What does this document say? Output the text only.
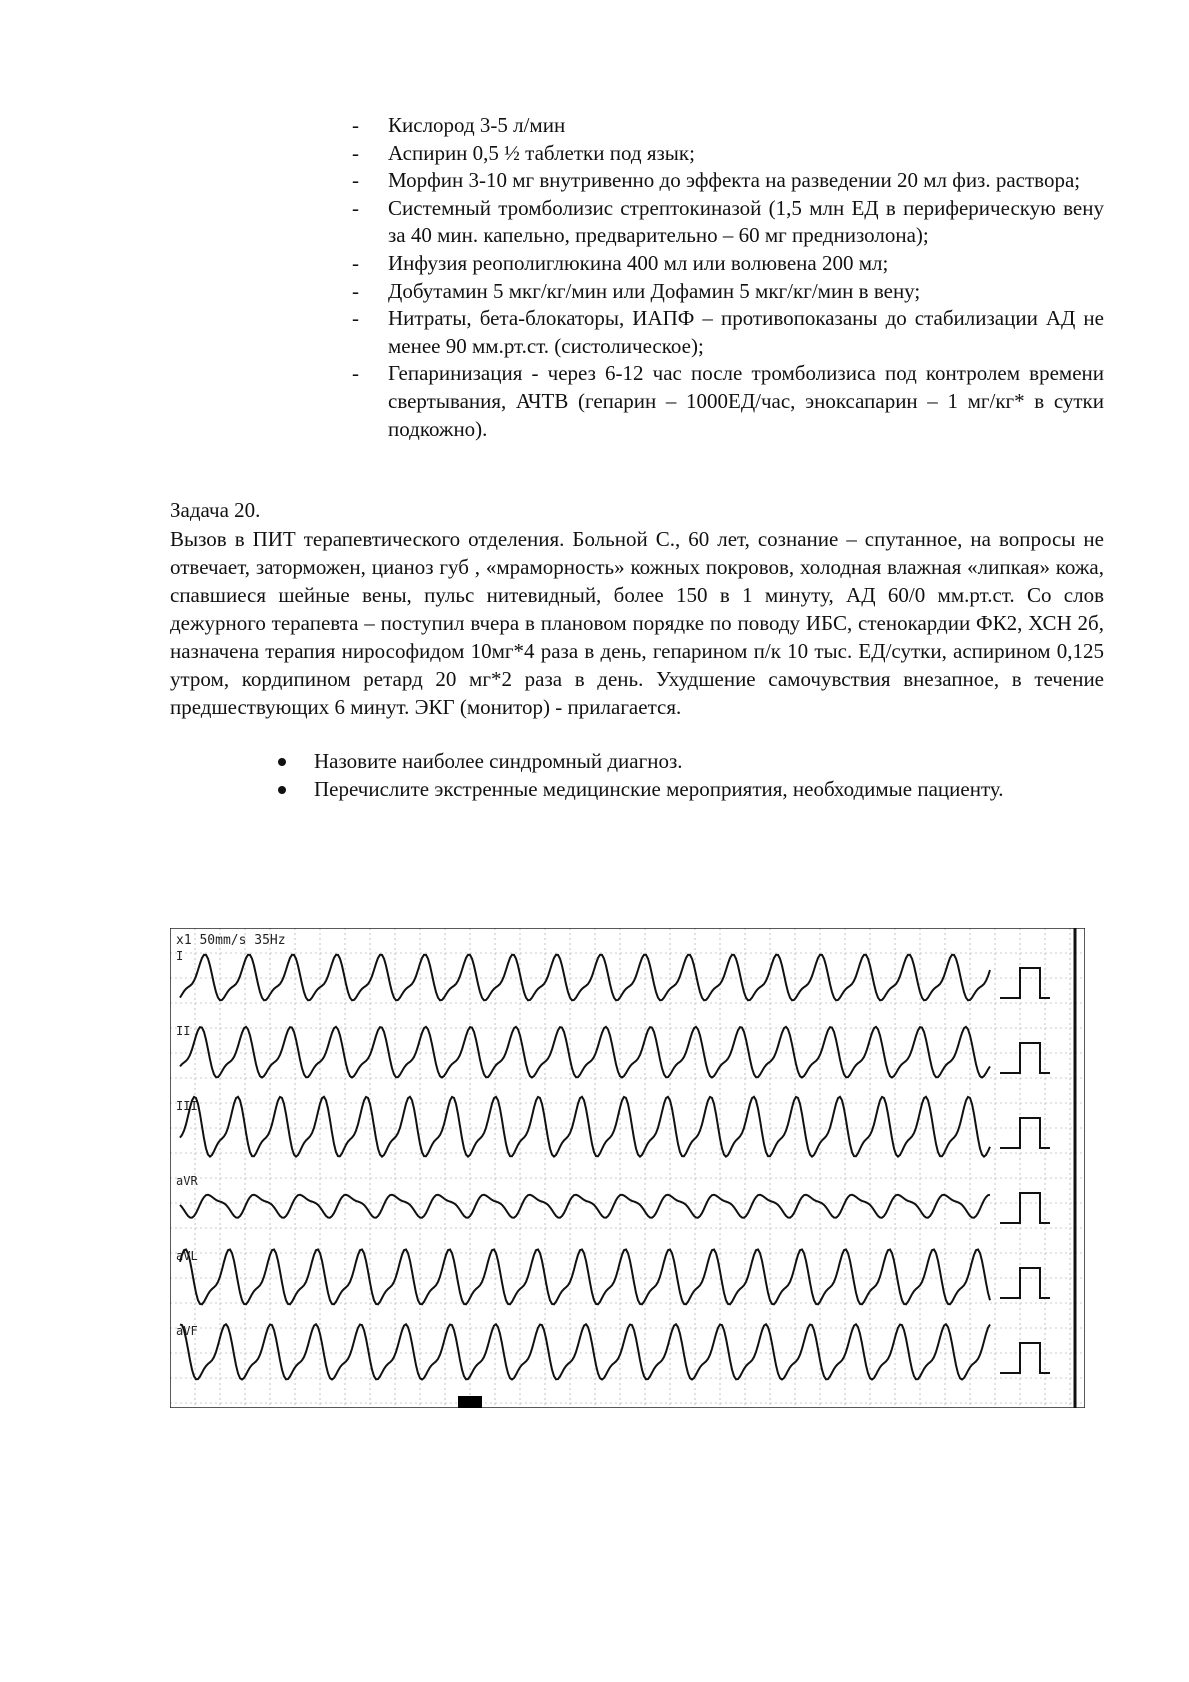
- Кислород 3-5 л/мин
- Аспирин 0,5 ½ таблетки под язык;
- Морфин 3-10 мг внутривенно до эффекта на разведении 20 мл физ. раствора;
- Системный тромболизис стрептокиназой (1,5 млн ЕД в периферическую вену за 40 мин. капельно, предварительно – 60 мг преднизолона);
- Инфузия реополиглюкина 400 мл или волювена 200 мл;
- Добутамин 5 мкг/кг/мин или Дофамин 5 мкг/кг/мин в вену;
- Нитраты, бета-блокаторы, ИАПФ – противопоказаны до стабилизации АД не менее 90 мм.рт.ст. (систолическое);
- Гепаринизация - через 6-12 час после тромболизиса под контролем времени свертывания, АЧТВ (гепарин – 1000ЕД/час, эноксапарин – 1 мг/кг* в сутки подкожно).

Задача 20.

Вызов в ПИТ терапевтического отделения. Больной С., 60 лет, сознание – спутанное, на вопросы не отвечает, заторможен, цианоз губ , «мраморность» кожных покровов, холодная влажная «липкая» кожа, спавшиеся шейные вены, пульс нитевидный, более 150 в 1 минуту, АД 60/0 мм.рт.ст. Со слов дежурного терапевта – поступил вчера в плановом порядке по поводу ИБС, стенокардии ФК2, ХСН 2б, назначена терапия нирософидом 10мг*4 раза в день, гепарином п/к 10 тыс. ЕД/сутки, аспирином 0,125 утром, кордипином ретард 20 мг*2 раза в день. Ухудшение самочувствия внезапное, в течение предшествующих 6 минут. ЭКГ (монитор) - прилагается.

Назовите наиболее синдромный диагноз.
Перечислите экстренные медицинские мероприятия, необходимые пациенту.
x1 50mm/s 35Hz
I
II
III
aVR
aVL
aVF
